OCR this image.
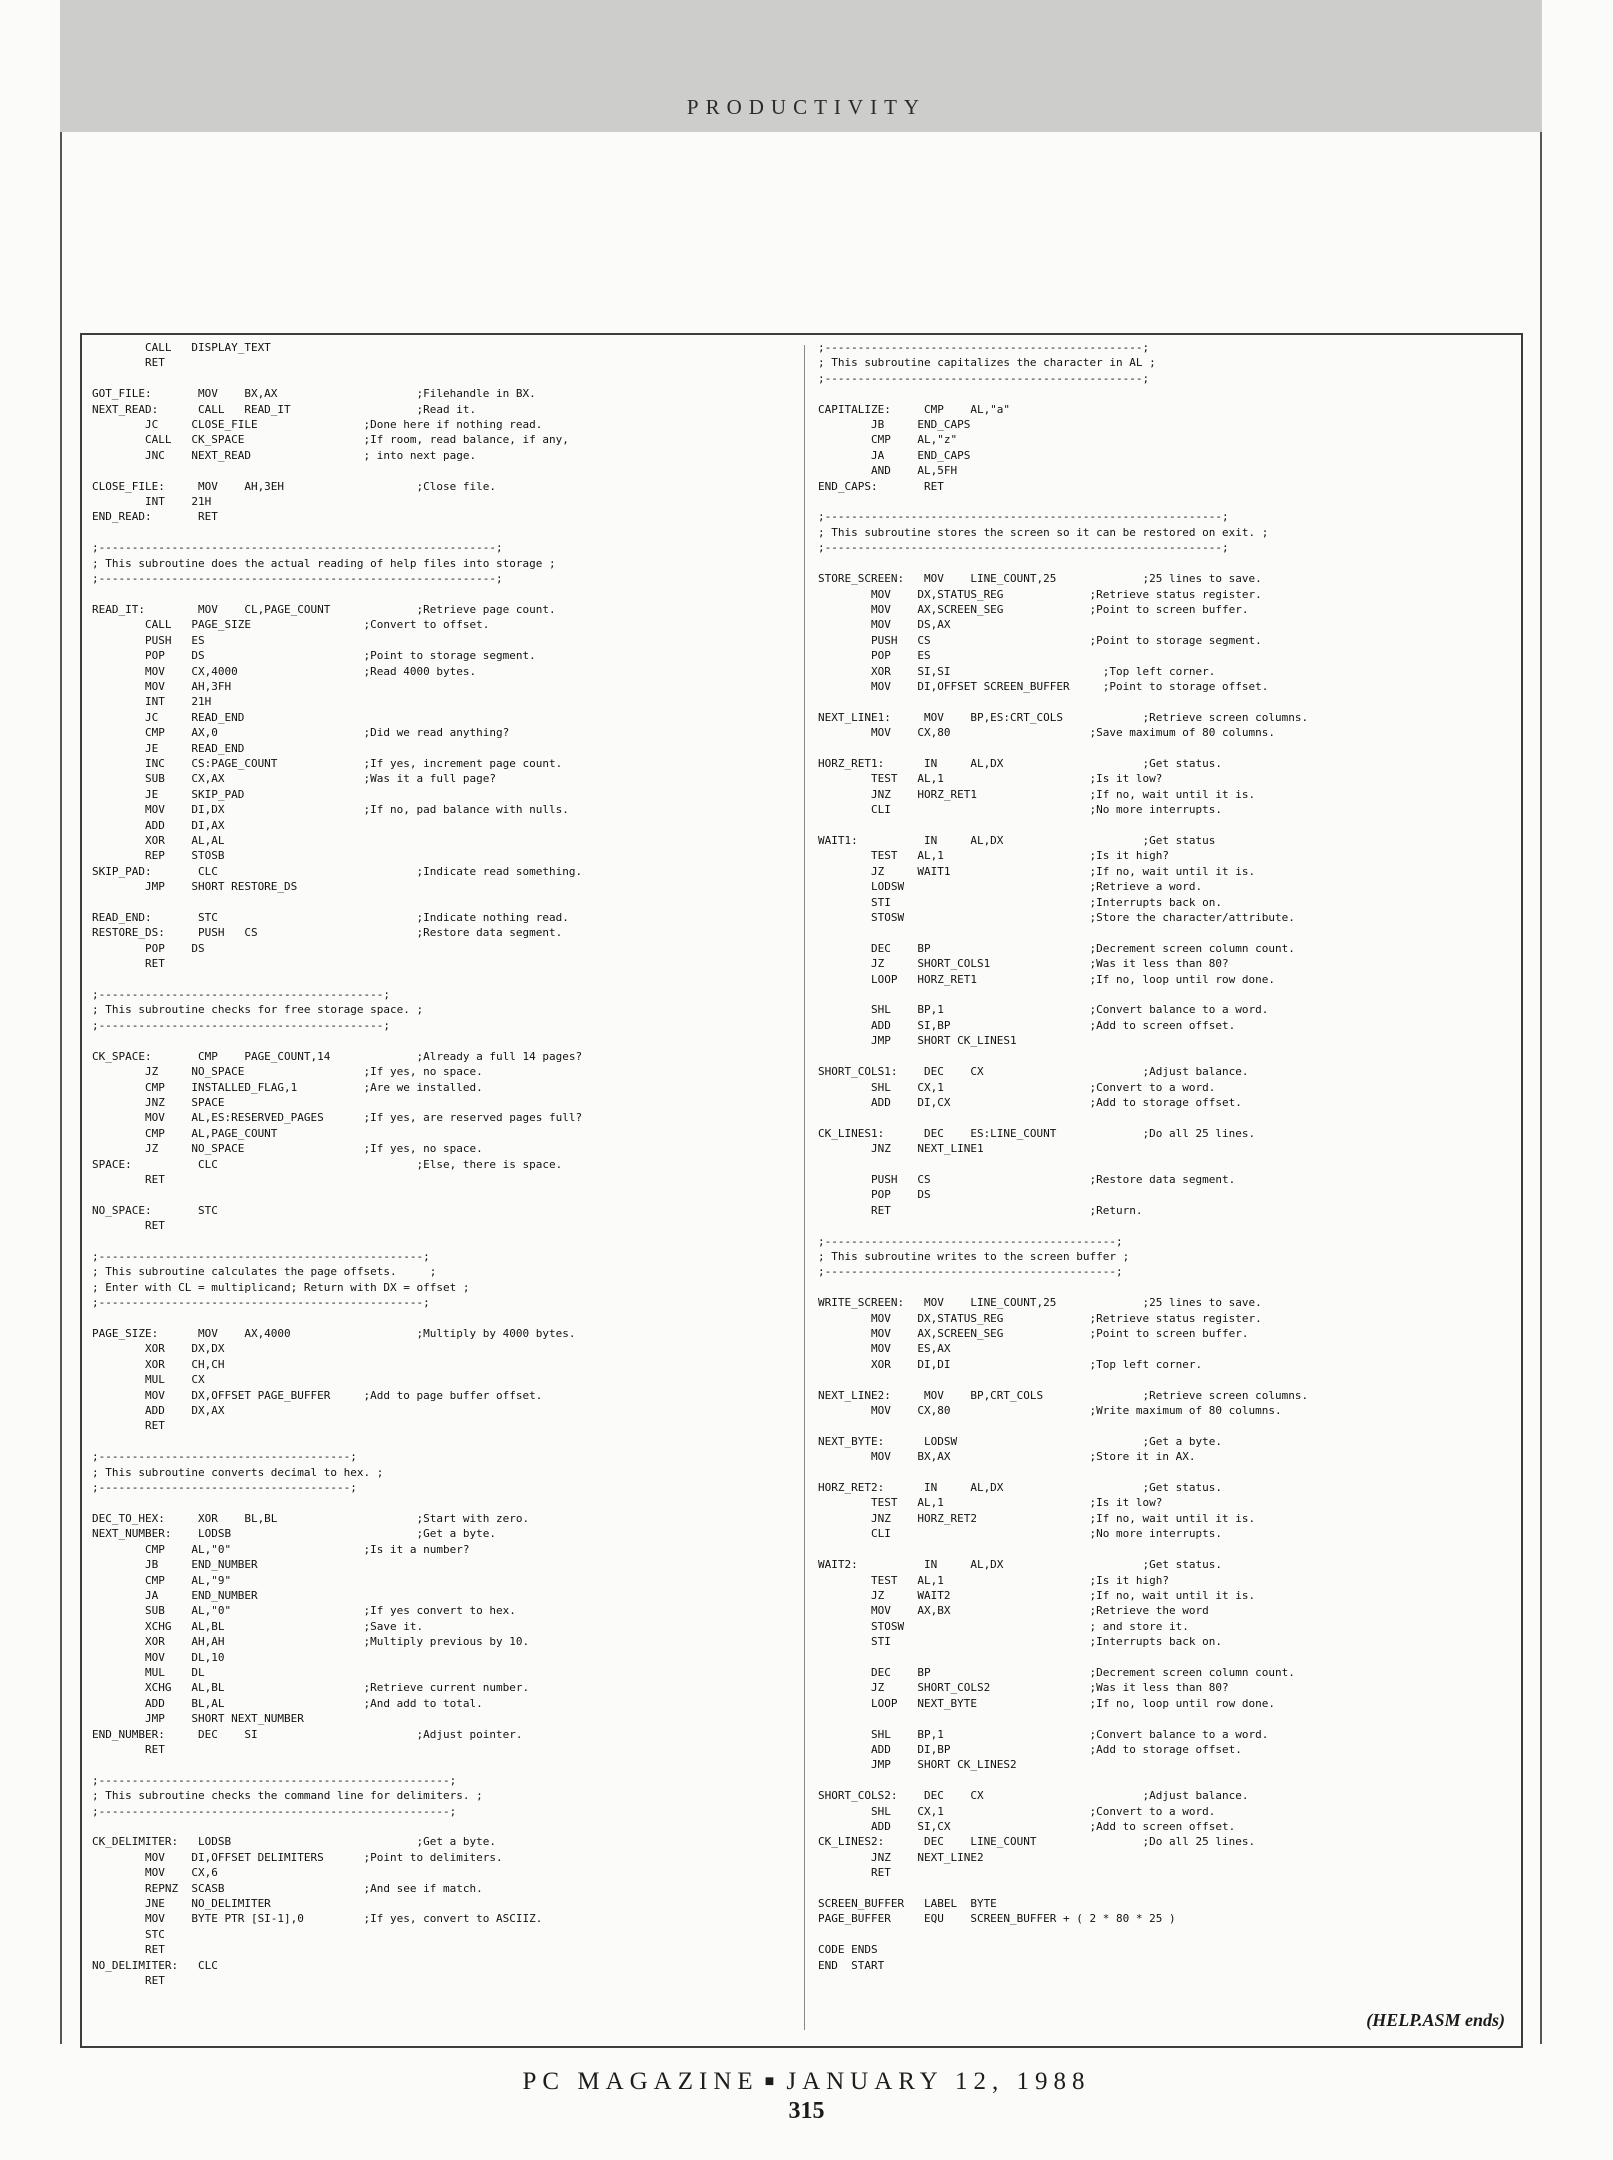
PRODUCTIVITY
CALL   DISPLAY_TEXT
RET

GOT_FILE:       MOV    BX,AX                     ;Filehandle in BX.
NEXT_READ:      CALL   READ_IT                   ;Read it.
JC     CLOSE_FILE                ;Done here if nothing read.
CALL   CK_SPACE                  ;If room, read balance, if any,
JNC    NEXT_READ                 ; into next page.

CLOSE_FILE:     MOV    AH,3EH                    ;Close file.
INT    21H
END_READ:       RET

;------------------------------------------------------------;
; This subroutine does the actual reading of help files into storage ;
;------------------------------------------------------------;

READ_IT:        MOV    CL,PAGE_COUNT             ;Retrieve page count.
CALL   PAGE_SIZE                 ;Convert to offset.
PUSH   ES
POP    DS                        ;Point to storage segment.
MOV    CX,4000                   ;Read 4000 bytes.
MOV    AH,3FH
INT    21H
JC     READ_END
CMP    AX,0                      ;Did we read anything?
JE     READ_END
INC    CS:PAGE_COUNT             ;If yes, increment page count.
SUB    CX,AX                     ;Was it a full page?
JE     SKIP_PAD
MOV    DI,DX                     ;If no, pad balance with nulls.
ADD    DI,AX
XOR    AL,AL
REP    STOSB
SKIP_PAD:       CLC                              ;Indicate read something.
JMP    SHORT RESTORE_DS

READ_END:       STC                              ;Indicate nothing read.
RESTORE_DS:     PUSH   CS                        ;Restore data segment.
POP    DS
RET

;-------------------------------------------;
; This subroutine checks for free storage space. ;
;-------------------------------------------;

CK_SPACE:       CMP    PAGE_COUNT,14             ;Already a full 14 pages?
JZ     NO_SPACE                  ;If yes, no space.
CMP    INSTALLED_FLAG,1          ;Are we installed.
JNZ    SPACE
MOV    AL,ES:RESERVED_PAGES      ;If yes, are reserved pages full?
CMP    AL,PAGE_COUNT
JZ     NO_SPACE                  ;If yes, no space.
SPACE:          CLC                              ;Else, there is space.
RET

NO_SPACE:       STC
RET

;-------------------------------------------------;
; This subroutine calculates the page offsets.     ;
; Enter with CL = multiplicand; Return with DX = offset ;
;-------------------------------------------------;

PAGE_SIZE:      MOV    AX,4000                   ;Multiply by 4000 bytes.
XOR    DX,DX
XOR    CH,CH
MUL    CX
MOV    DX,OFFSET PAGE_BUFFER     ;Add to page buffer offset.
ADD    DX,AX
RET

;--------------------------------------;
; This subroutine converts decimal to hex. ;
;--------------------------------------;

DEC_TO_HEX:     XOR    BL,BL                     ;Start with zero.
NEXT_NUMBER:    LODSB                            ;Get a byte.
CMP    AL,"0"                    ;Is it a number?
JB     END_NUMBER
CMP    AL,"9"
JA     END_NUMBER
SUB    AL,"0"                    ;If yes convert to hex.
XCHG   AL,BL                     ;Save it.
XOR    AH,AH                     ;Multiply previous by 10.
MOV    DL,10
MUL    DL
XCHG   AL,BL                     ;Retrieve current number.
ADD    BL,AL                     ;And add to total.
JMP    SHORT NEXT_NUMBER
END_NUMBER:     DEC    SI                        ;Adjust pointer.
RET

;-----------------------------------------------------;
; This subroutine checks the command line for delimiters. ;
;-----------------------------------------------------;

CK_DELIMITER:   LODSB                            ;Get a byte.
MOV    DI,OFFSET DELIMITERS      ;Point to delimiters.
MOV    CX,6
REPNZ  SCASB                     ;And see if match.
JNE    NO_DELIMITER
MOV    BYTE PTR [SI-1],0         ;If yes, convert to ASCIIZ.
STC
RET
NO_DELIMITER:   CLC
RET
;------------------------------------------------;
; This subroutine capitalizes the character in AL ;
;------------------------------------------------;

CAPITALIZE:     CMP    AL,"a"
JB     END_CAPS
CMP    AL,"z"
JA     END_CAPS
AND    AL,5FH
END_CAPS:       RET

;------------------------------------------------------------;
; This subroutine stores the screen so it can be restored on exit. ;
;------------------------------------------------------------;

STORE_SCREEN:   MOV    LINE_COUNT,25             ;25 lines to save.
MOV    DX,STATUS_REG             ;Retrieve status register.
MOV    AX,SCREEN_SEG             ;Point to screen buffer.
MOV    DS,AX
PUSH   CS                        ;Point to storage segment.
POP    ES
XOR    SI,SI                       ;Top left corner.
MOV    DI,OFFSET SCREEN_BUFFER     ;Point to storage offset.

NEXT_LINE1:     MOV    BP,ES:CRT_COLS            ;Retrieve screen columns.
MOV    CX,80                     ;Save maximum of 80 columns.

HORZ_RET1:      IN     AL,DX                     ;Get status.
TEST   AL,1                      ;Is it low?
JNZ    HORZ_RET1                 ;If no, wait until it is.
CLI                              ;No more interrupts.

WAIT1:          IN     AL,DX                     ;Get status
TEST   AL,1                      ;Is it high?
JZ     WAIT1                     ;If no, wait until it is.
LODSW                            ;Retrieve a word.
STI                              ;Interrupts back on.
STOSW                            ;Store the character/attribute.

DEC    BP                        ;Decrement screen column count.
JZ     SHORT_COLS1               ;Was it less than 80?
LOOP   HORZ_RET1                 ;If no, loop until row done.

SHL    BP,1                      ;Convert balance to a word.
ADD    SI,BP                     ;Add to screen offset.
JMP    SHORT CK_LINES1

SHORT_COLS1:    DEC    CX                        ;Adjust balance.
SHL    CX,1                      ;Convert to a word.
ADD    DI,CX                     ;Add to storage offset.

CK_LINES1:      DEC    ES:LINE_COUNT             ;Do all 25 lines.
JNZ    NEXT_LINE1

PUSH   CS                        ;Restore data segment.
POP    DS
RET                              ;Return.

;--------------------------------------------;
; This subroutine writes to the screen buffer ;
;--------------------------------------------;

WRITE_SCREEN:   MOV    LINE_COUNT,25             ;25 lines to save.
MOV    DX,STATUS_REG             ;Retrieve status register.
MOV    AX,SCREEN_SEG             ;Point to screen buffer.
MOV    ES,AX
XOR    DI,DI                     ;Top left corner.

NEXT_LINE2:     MOV    BP,CRT_COLS               ;Retrieve screen columns.
MOV    CX,80                     ;Write maximum of 80 columns.

NEXT_BYTE:      LODSW                            ;Get a byte.
MOV    BX,AX                     ;Store it in AX.

HORZ_RET2:      IN     AL,DX                     ;Get status.
TEST   AL,1                      ;Is it low?
JNZ    HORZ_RET2                 ;If no, wait until it is.
CLI                              ;No more interrupts.

WAIT2:          IN     AL,DX                     ;Get status.
TEST   AL,1                      ;Is it high?
JZ     WAIT2                     ;If no, wait until it is.
MOV    AX,BX                     ;Retrieve the word
STOSW                            ; and store it.
STI                              ;Interrupts back on.

DEC    BP                        ;Decrement screen column count.
JZ     SHORT_COLS2               ;Was it less than 80?
LOOP   NEXT_BYTE                 ;If no, loop until row done.

SHL    BP,1                      ;Convert balance to a word.
ADD    DI,BP                     ;Add to storage offset.
JMP    SHORT CK_LINES2

SHORT_COLS2:    DEC    CX                        ;Adjust balance.
SHL    CX,1                      ;Convert to a word.
ADD    SI,CX                     ;Add to screen offset.
CK_LINES2:      DEC    LINE_COUNT                ;Do all 25 lines.
JNZ    NEXT_LINE2
RET

SCREEN_BUFFER   LABEL  BYTE
PAGE_BUFFER     EQU    SCREEN_BUFFER + ( 2 * 80 * 25 )

CODE ENDS
END  START
(HELP.ASM ends)
PC MAGAZINE ■ JANUARY 12, 1988
315
